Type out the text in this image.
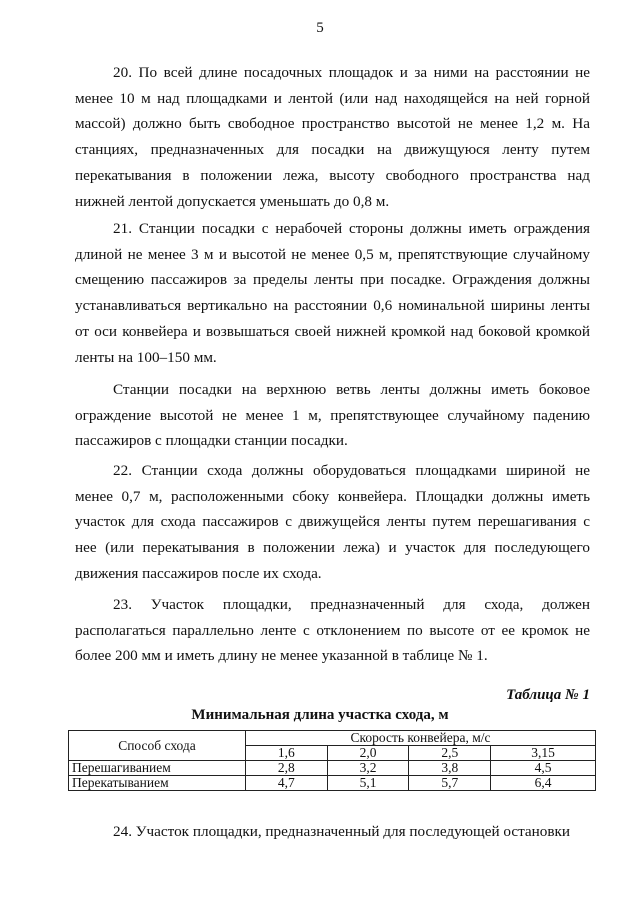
5

20. По всей длине посадочных площадок и за ними на расстоянии не менее 10 м над площадками и лентой (или над находящейся на ней горной массой) должно быть свободное пространство высотой не менее 1,2 м. На станциях, предназначенных для посадки на движущуюся ленту путем перекатывания в положении лежа, высоту свободного пространства над нижней лентой допускается уменьшать до 0,8 м.

21. Станции посадки с нерабочей стороны должны иметь ограждения длиной не менее 3 м и высотой не менее 0,5 м, препятствующие случайному смещению пассажиров за пределы ленты при посадке. Ограждения должны устанавливаться вертикально на расстоянии 0,6 номинальной ширины ленты от оси конвейера и возвышаться своей нижней кромкой над боковой кромкой ленты на 100–150 мм.

Станции посадки на верхнюю ветвь ленты должны иметь боковое ограждение высотой не менее 1 м, препятствующее случайному падению пассажиров с площадки станции посадки.

22. Станции схода должны оборудоваться площадками шириной не менее 0,7 м, расположенными сбоку конвейера. Площадки должны иметь участок для схода пассажиров с движущейся ленты путем перешагивания с нее (или перекатывания в положении лежа) и участок для последующего движения пассажиров после их схода.

23. Участок площадки, предназначенный для схода, должен располагаться параллельно ленте с отклонением по высоте от ее кромок не более 200 мм и иметь длину не менее указанной в таблице № 1.

Таблица № 1
Минимальная длина участка схода, м
Способ схода	Скорость конвейера, м/с			
	1,6	2,0	2,5	3,15
Перешагиванием	2,8	3,2	3,8	4,5
Перекатыванием	4,7	5,1	5,7	6,4

24. Участок площадки, предназначенный для последующей остановки
